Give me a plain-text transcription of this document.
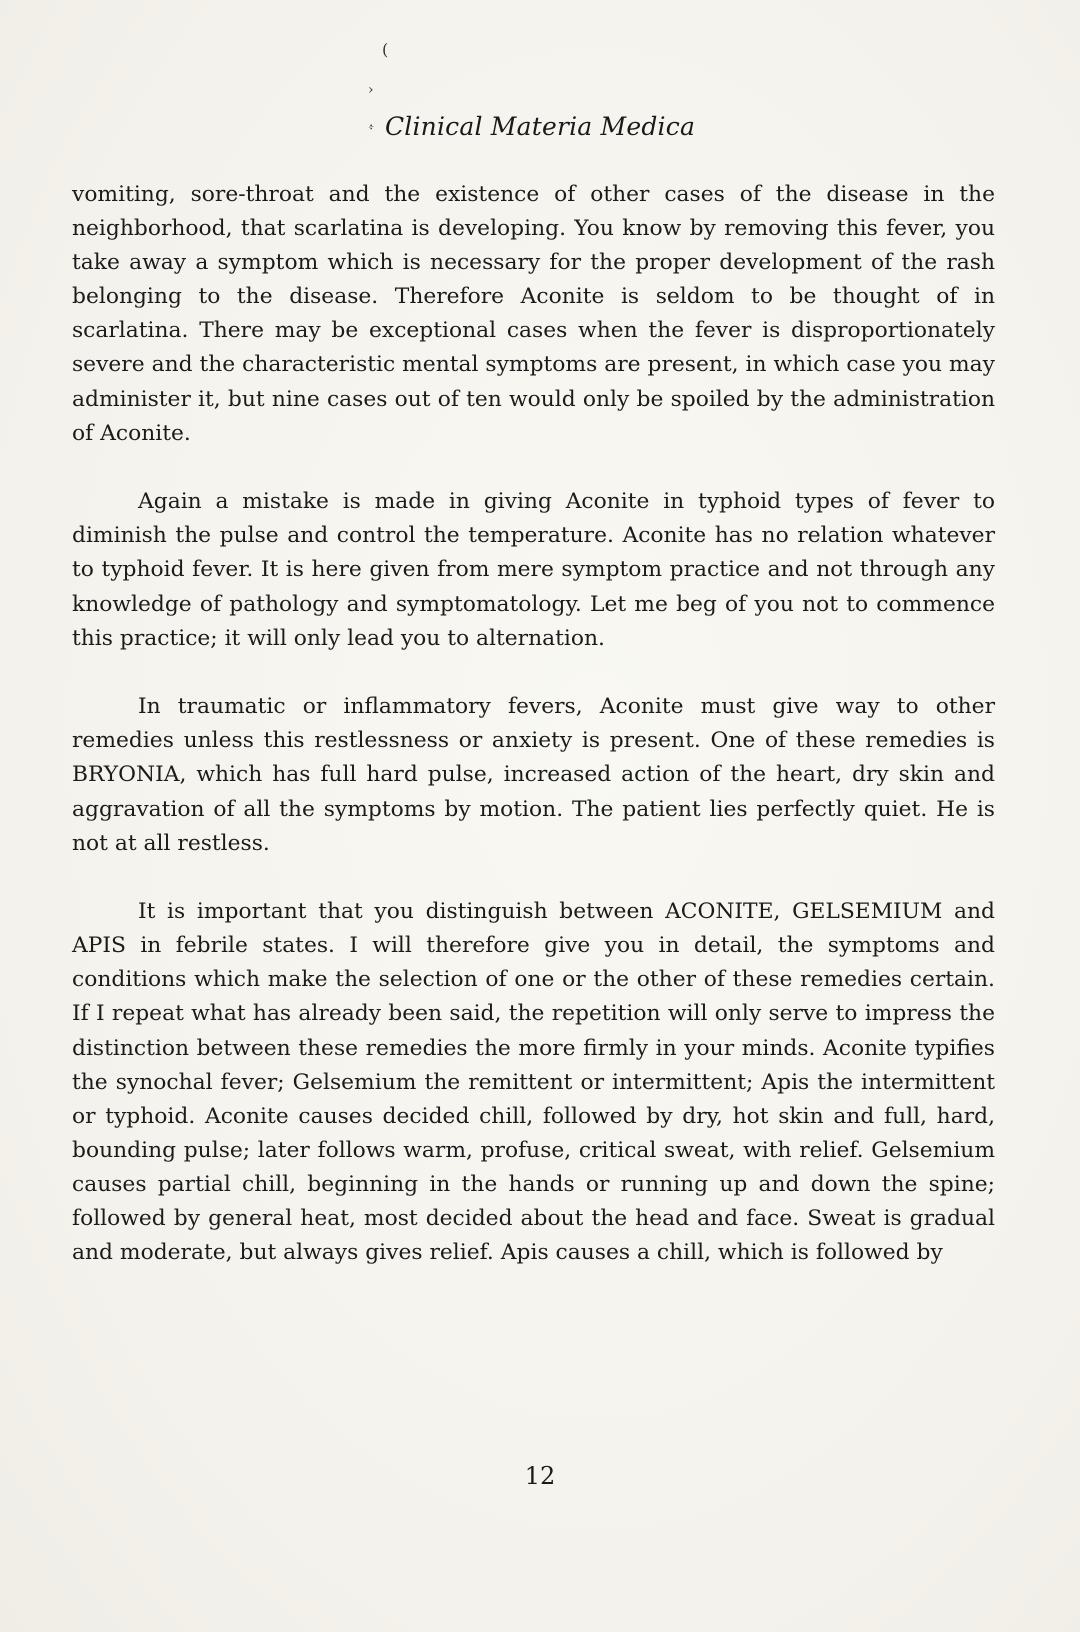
(
›
፥ Clinical Materia Medica

vomiting, sore-throat and the existence of other cases of the disease in the neighborhood, that scarlatina is developing. You know by removing this fever, you take away a symptom which is necessary for the proper development of the rash belonging to the disease. Therefore Aconite is seldom to be thought of in scarlatina. There may be exceptional cases when the fever is disproportionately severe and the characteristic mental symptoms are present, in which case you may administer it, but nine cases out of ten would only be spoiled by the administration of Aconite.

Again a mistake is made in giving Aconite in typhoid types of fever to diminish the pulse and control the temperature. Aconite has no relation whatever to typhoid fever. It is here given from mere symptom practice and not through any knowledge of pathology and symptomatology. Let me beg of you not to commence this practice; it will only lead you to alternation.

In traumatic or inflammatory fevers, Aconite must give way to other remedies unless this restlessness or anxiety is present. One of these remedies is BRYONIA, which has full hard pulse, increased action of the heart, dry skin and aggravation of all the symptoms by motion. The patient lies perfectly quiet. He is not at all restless.

It is important that you distinguish between ACONITE, GELSEMIUM and APIS in febrile states. I will therefore give you in detail, the symptoms and conditions which make the selection of one or the other of these remedies certain. If I repeat what has already been said, the repetition will only serve to impress the distinction between these remedies the more firmly in your minds. Aconite typifies the synochal fever; Gelsemium the remittent or intermittent; Apis the intermittent or typhoid. Aconite causes decided chill, followed by dry, hot skin and full, hard, bounding pulse; later follows warm, profuse, critical sweat, with relief. Gelsemium causes partial chill, beginning in the hands or running up and down the spine; followed by general heat, most decided about the head and face. Sweat is gradual and moderate, but always gives relief. Apis causes a chill, which is followed by

12
